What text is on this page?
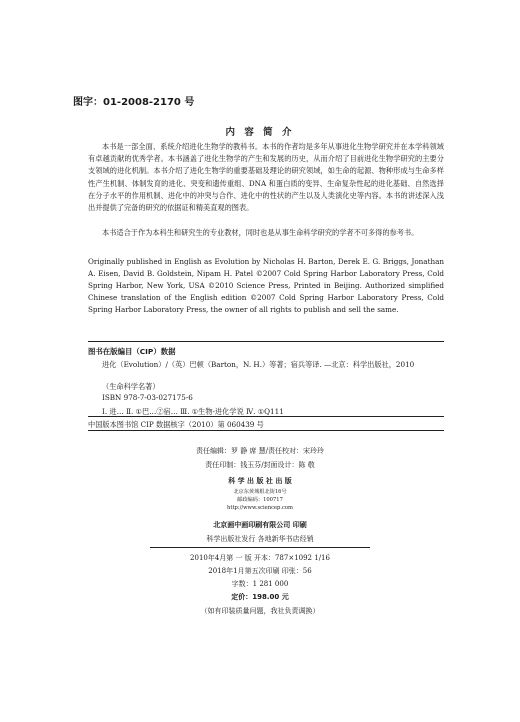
图字：01-2008-2170 号
内 容 简 介
本书是一部全面、系统介绍进化生物学的教科书。本书的作者均是多年从事进化生物学研究并在本学科领域有卓越贡献的优秀学者。本书涵盖了进化生物学的产生和发展的历史，从而介绍了目前进化生物学研究的主要分支领域的进化机制。本书介绍了进化生物学的重要基础及理论的研究领域，如生命的起源、物种形成与生命多样性产生机制、体制发育的进化、突变和遗传重组、DNA 和蛋白质的变异、生命复杂性起的进化基础、自然选择在分子水平的作用机制、进化中的冲突与合作、进化中的性状的产生以及人类演化史等内容。本书的讲述深入浅出并提供了完备的研究的依据证和精美直观的图表。
本书适合于作为本科生和研究生的专业教材，同时也是从事生命科学研究的学者不可多得的参考书。
Originally published in English as Evolution by Nicholas H. Barton, Derek E. G. Briggs, Jonathan A. Eisen, David B. Goldstein, Nipam H. Patel ©2007 Cold Spring Harbor Laboratory Press, Cold Spring Harbor, New York, USA ©2010 Science Press, Printed in Beijing. Authorized simplified Chinese translation of the English edition ©2007 Cold Spring Harbor Laboratory Press, Cold Spring Harbor Laboratory Press, the owner of all rights to publish and sell the same.
图书在版编目（CIP）数据
进化（Evolution）/（英）巴顿（Barton，N. H.）等著；宿兵等译. —北京：科学出版社，2010
（生命科学名著）
ISBN 978-7-03-027175-6
Ⅰ. 进… Ⅱ. ①巴…②宿… Ⅲ. ①生物-进化学说 Ⅳ. ①Q111
中国版本图书馆 CIP 数据核字（2010）第 060439 号
责任编辑：罗 静 席 慧/责任校对：宋玲玲
责任印制：钱玉芬/封面设计：陈 敬
科 学 出 版 社 出 版
北京东黄城根北街16号
邮政编码：100717
http://www.sciencep.com
北京画中画印刷有限公司 印刷
科学出版社发行 各地新华书店经销
2010年4月第 一 版 开本：787×1092 1/16
2018年1月第五次印刷 印张：56
字数：1 281 000
定价：198.00 元
（如有印装质量问题，我社负责调换）
